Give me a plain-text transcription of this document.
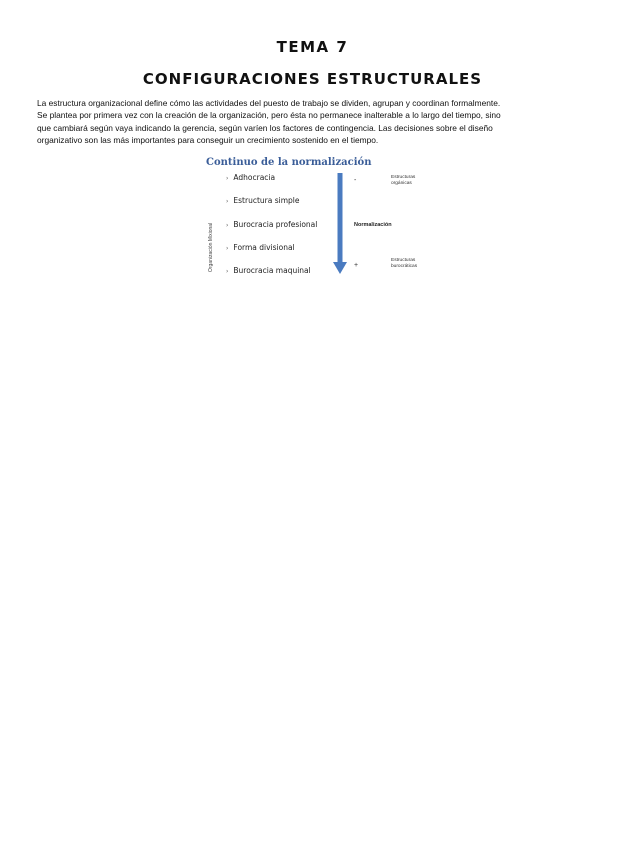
TEMA 7
CONFIGURACIONES ESTRUCTURALES
La estructura organizacional define cómo las actividades del puesto de trabajo se dividen, agrupan y coordinan formalmente.
Se plantea por primera vez con la creación de la organización, pero ésta no permanece inalterable a lo largo del tiempo, sino
que cambiará según vaya indicando la gerencia, según varíen los factores de contingencia. Las decisiones sobre el diseño
organizativo son las más importantes para conseguir un crecimiento sostenido en el tiempo.
Continuo de la normalización
Organización Mixional
› Adhocracia
› Estructura simple
› Burocracia profesional
› Forma divisional
› Burocracia maquinal
-
+
Estructuras
orgánicas
Normalización
Estructuras
burocráticas
